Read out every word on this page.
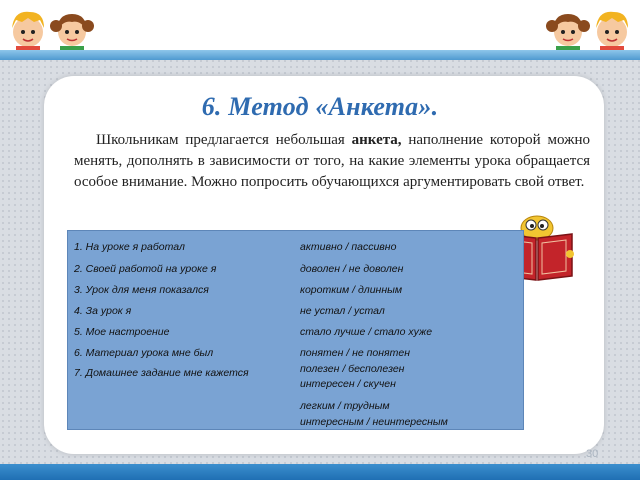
6. Метод «Анкета».
Школьникам предлагается небольшая анкета, наполнение которой можно менять, дополнять в зависимости от того, на какие элементы урока обращается особое внимание. Можно попросить обучающихся аргументировать свой ответ.
1. На уроке я работал
2. Своей работой на уроке я
3. Урок для меня показался
4. За урок я
5. Мое настроение
6. Материал урока мне был
7. Домашнее задание мне кажется
активно / пассивно
доволен / не доволен
коротким / длинным
не устал / устал
стало лучше / стало хуже
понятен / не понятен
полезен / бесполезен
интересен / скучен
легким / трудным
интересным / неинтересным
30
